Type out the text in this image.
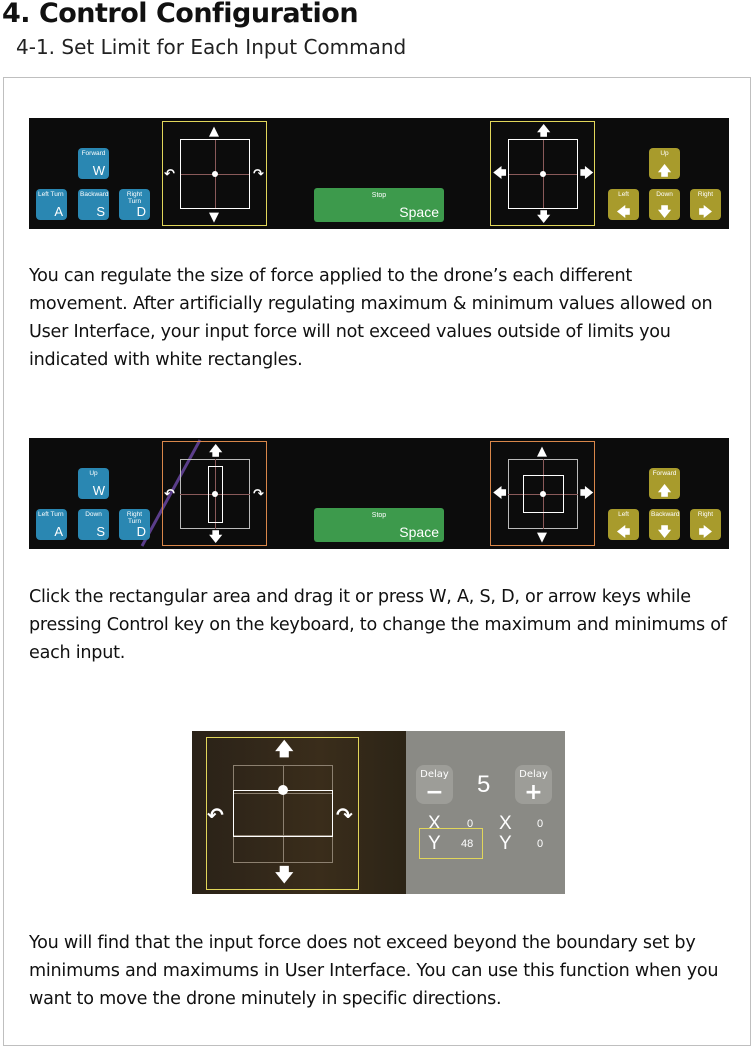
4. Control Configuration
4-1. Set Limit for Each Input Command
Forward
W
Left Turn
A
Backward
S
Right Turn
D
▲
▼
↶	↷
Stop
Space
🡅
🡇
🡄	🡆
Up
🡅
Left
🡄
Down
🡇
Right
🡆
You can regulate the size of force applied to the drone’s each different movement. After artificially regulating maximum & minimum values allowed on User Interface, your input force will not exceed values outside of limits you indicated with white rectangles.
Up
W
Left Turn
A
Down
S
Right Turn
D
🡅
🡇
↶	↷
Stop
Space
▲
▼
🡄	🡆
Forward
🡅
Left
🡄
Backward
🡇
Right
🡆
Click the rectangular area and drag it or press W, A, S, D, or arrow keys while pressing Control key on the keyboard, to change the maximum and minimums of each input.
🡅
🡇
↶	↷
Delay
−	5	Delay
+
X 0
Y 48
X 0
Y 0
You will find that the input force does not exceed beyond the boundary set by minimums and maximums in User Interface. You can use this function when you want to move the drone minutely in specific directions.
